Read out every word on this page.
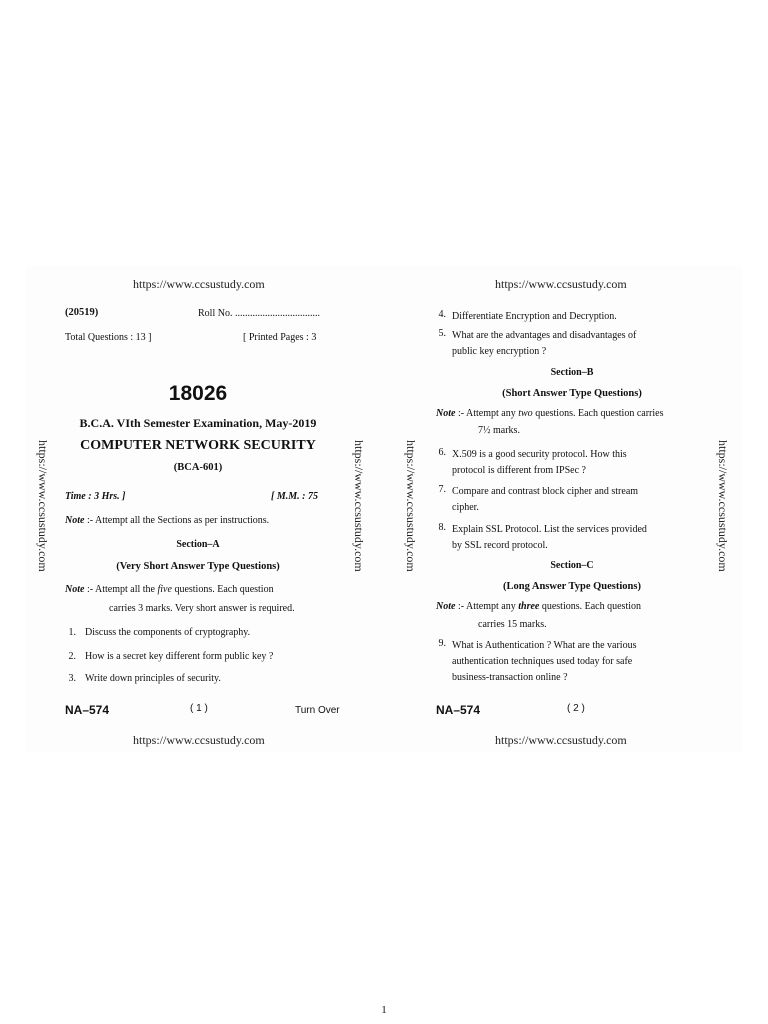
https://www.ccsustudy.com	https://www.ccsustudy.com
https://www.ccsustudy.com	https://www.ccsustudy.com	https://www.ccsustudy.com	https://www.ccsustudy.com
(20519)	Roll No. ..................................
Total Questions : 13 ]	[ Printed Pages : 3
18026
B.C.A. VIth Semester Examination, May-2019
COMPUTER NETWORK SECURITY
(BCA-601)
Time : 3 Hrs. ]	[ M.M. : 75
Note :- Attempt all the Sections as per instructions.
Section–A
(Very Short Answer Type Questions)
Note :- Attempt all the five questions. Each question
carries 3 marks. Very short answer is required.
1. Discuss the components of cryptography.
2. How is a secret key different form public key ?
3. Write down principles of security.
NA–574	( 1 )	Turn Over
4. Differentiate Encryption and Decryption.
5. What are the advantages and disadvantages of
public key encryption ?
Section–B
(Short Answer Type Questions)
Note :- Attempt any two questions. Each question carries
7½ marks.
6. X.509 is a good security protocol. How this
protocol is different from IPSec ?
7. Compare and contrast block cipher and stream
cipher.
8. Explain SSL Protocol. List the services provided
by SSL record protocol.
Section–C
(Long Answer Type Questions)
Note :- Attempt any three questions. Each question
carries 15 marks.
9. What is Authentication ? What are the various
authentication techniques used today for safe
business-transaction online ?
NA–574	( 2 )
https://www.ccsustudy.com	https://www.ccsustudy.com
1
